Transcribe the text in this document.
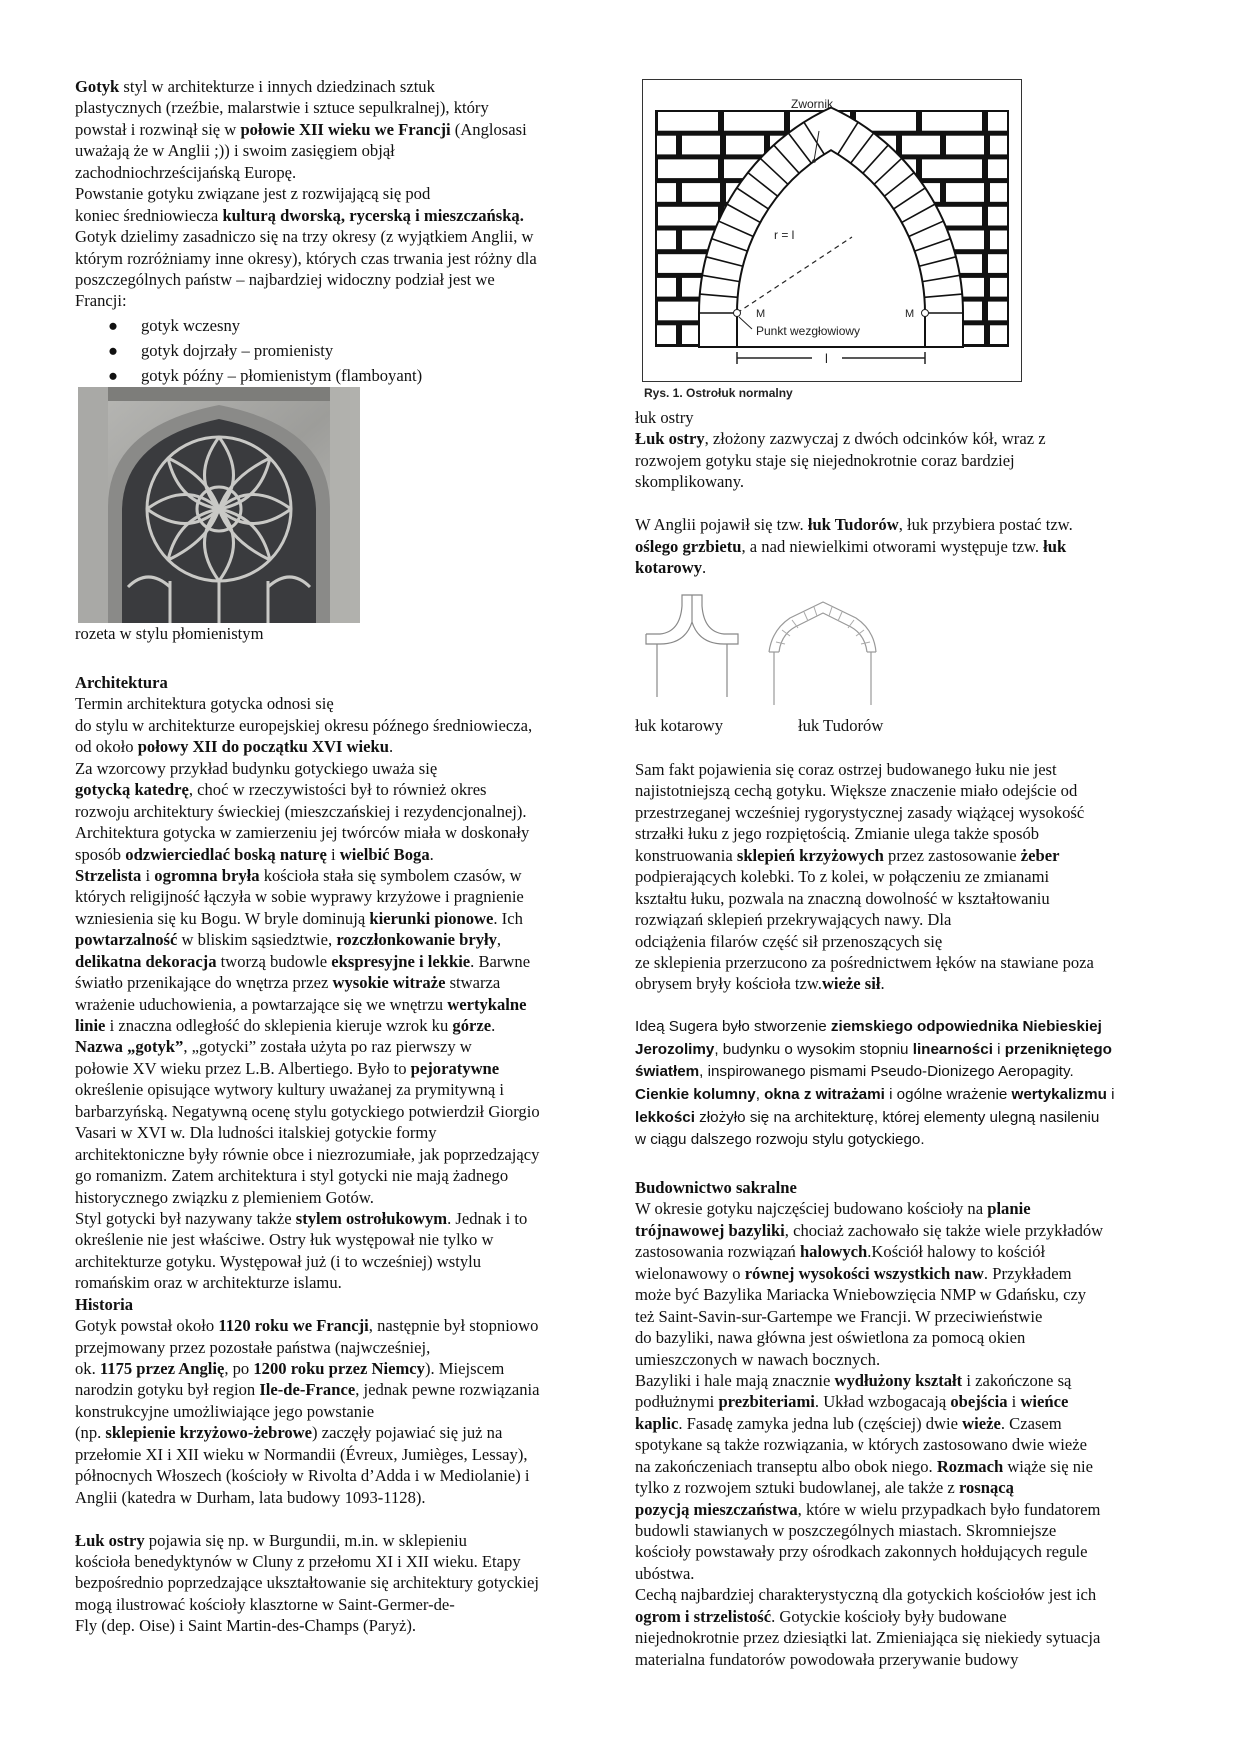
Gotyk styl w architekturze i innych dziedzinach sztuk
plastycznych (rzeźbie, malarstwie i sztuce sepulkralnej), który
powstał i rozwinął się w połowie XII wieku we Francji (Anglosasi
uważają że w Anglii ;)) i swoim zasięgiem objął
zachodniochrześcijańską Europę.
Powstanie gotyku związane jest z rozwijającą się pod
koniec średniowiecza kulturą dworską, rycerską i mieszczańską.
Gotyk dzielimy zasadniczo się na trzy okresy (z wyjątkiem Anglii, w
którym rozróżniamy inne okresy), których czas trwania jest różny dla
poszczególnych państw – najbardziej widoczny podział jest we
Francji:
● gotyk wczesny
● gotyk dojrzały – promienisty
● gotyk późny – płomienistym (flamboyant)
rozeta w stylu płomienistym
Architektura
Termin architektura gotycka odnosi się
do stylu w architekturze europejskiej okresu późnego średniowiecza,
od około połowy XII do początku XVI wieku.
Za wzorcowy przykład budynku gotyckiego uważa się
gotycką katedrę, choć w rzeczywistości był to również okres
rozwoju architektury świeckiej (mieszczańskiej i rezydencjonalnej).
Architektura gotycka w zamierzeniu jej twórców miała w doskonały
sposób odzwierciedlać boską naturę i wielbić Boga.
Strzelista i ogromna bryła kościoła stała się symbolem czasów, w
których religijność łączyła w sobie wyprawy krzyżowe i pragnienie
wzniesienia się ku Bogu. W bryle dominują kierunki pionowe. Ich
powtarzalność w bliskim sąsiedztwie, rozczłonkowanie bryły,
delikatna dekoracja tworzą budowle ekspresyjne i lekkie. Barwne
światło przenikające do wnętrza przez wysokie witraże stwarza
wrażenie uduchowienia, a powtarzające się we wnętrzu wertykalne
linie i znaczna odległość do sklepienia kieruje wzrok ku górze.
Nazwa „gotyk”, „gotycki” została użyta po raz pierwszy w
połowie XV wieku przez L.B. Albertiego. Było to pejoratywne
określenie opisujące wytwory kultury uważanej za prymitywną i
barbarzyńską. Negatywną ocenę stylu gotyckiego potwierdził Giorgio
Vasari w XVI w. Dla ludności italskiej gotyckie formy
architektoniczne były równie obce i niezrozumiałe, jak poprzedzający
go romanizm. Zatem architektura i styl gotycki nie mają żadnego
historycznego związku z plemieniem Gotów.
Styl gotycki był nazywany także stylem ostrołukowym. Jednak i to
określenie nie jest właściwe. Ostry łuk występował nie tylko w
architekturze gotyku. Występował już (i to wcześniej) wstylu
romańskim oraz w architekturze islamu.
Historia
Gotyk powstał około 1120 roku we Francji, następnie był stopniowo
przejmowany przez pozostałe państwa (najwcześniej,
ok. 1175 przez Anglię, po 1200 roku przez Niemcy). Miejscem
narodzin gotyku był region Ile-de-France, jednak pewne rozwiązania
konstrukcyjne umożliwiające jego powstanie
(np. sklepienie krzyżowo-żebrowe) zaczęły pojawiać się już na
przełomie XI i XII wieku w Normandii (Évreux, Jumièges, Lessay),
północnych Włoszech (kościoły w Rivolta d’Adda i w Mediolanie) i
Anglii (katedra w Durham, lata budowy 1093-1128).
Łuk ostry pojawia się np. w Burgundii, m.in. w sklepieniu
kościoła benedyktynów w Cluny z przełomu XI i XII wieku. Etapy
bezpośrednio poprzedzające ukształtowanie się architektury gotyckiej
mogą ilustrować kościoły klasztorne w Saint-Germer-de-
Fly (dep. Oise) i Saint Martin-des-Champs (Paryż).
Zwornik
r = l
M	M
Punkt wezgłowiowy
l
Rys. 1. Ostrołuk normalny
łuk ostry
Łuk ostry, złożony zazwyczaj z dwóch odcinków kół, wraz z
rozwojem gotyku staje się niejednokrotnie coraz bardziej
skomplikowany.
W Anglii pojawił się tzw. łuk Tudorów, łuk przybiera postać tzw.
oślego grzbietu, a nad niewielkimi otworami występuje tzw. łuk
kotarowy.
łuk kotarowy	łuk Tudorów
Sam fakt pojawienia się coraz ostrzej budowanego łuku nie jest
najistotniejszą cechą gotyku. Większe znaczenie miało odejście od
przestrzeganej wcześniej rygorystycznej zasady wiążącej wysokość
strzałki łuku z jego rozpiętością. Zmianie ulega także sposób
konstruowania sklepień krzyżowych przez zastosowanie żeber
podpierających kolebki. To z kolei, w połączeniu ze zmianami
kształtu łuku, pozwala na znaczną dowolność w kształtowaniu
rozwiązań sklepień przekrywających nawy. Dla
odciążenia filarów część sił przenoszących się
ze sklepienia przerzucono za pośrednictwem łęków na stawiane poza
obrysem bryły kościoła tzw.wieże sił.
Ideą Sugera było stworzenie ziemskiego odpowiednika Niebieskiej
Jerozolimy, budynku o wysokim stopniu linearności i przenikniętego
światłem, inspirowanego pismami Pseudo-Dionizego Aeropagity.
Cienkie kolumny, okna z witrażami i ogólne wrażenie wertykalizmu i
lekkości złożyło się na architekturę, której elementy ulegną nasileniu
w ciągu dalszego rozwoju stylu gotyckiego.
Budownictwo sakralne
W okresie gotyku najczęściej budowano kościoły na planie
trójnawowej bazyliki, chociaż zachowało się także wiele przykładów
zastosowania rozwiązań halowych.Kościół halowy to kościół
wielonawowy o równej wysokości wszystkich naw. Przykładem
może być Bazylika Mariacka Wniebowzięcia NMP w Gdańsku, czy
też Saint-Savin-sur-Gartempe we Francji. W przeciwieństwie
do bazyliki, nawa główna jest oświetlona za pomocą okien
umieszczonych w nawach bocznych.
Bazyliki i hale mają znacznie wydłużony kształt i zakończone są
podłużnymi prezbiteriami. Układ wzbogacają obejścia i wieńce
kaplic. Fasadę zamyka jedna lub (częściej) dwie wieże. Czasem
spotykane są także rozwiązania, w których zastosowano dwie wieże
na zakończeniach transeptu albo obok niego. Rozmach wiąże się nie
tylko z rozwojem sztuki budowlanej, ale także z rosnącą
pozycją mieszczaństwa, które w wielu przypadkach było fundatorem
budowli stawianych w poszczególnych miastach. Skromniejsze
kościoły powstawały przy ośrodkach zakonnych hołdujących regule
ubóstwa.
Cechą najbardziej charakterystyczną dla gotyckich kościołów jest ich
ogrom i strzelistość. Gotyckie kościoły były budowane
niejednokrotnie przez dziesiątki lat. Zmieniająca się niekiedy sytuacja
materialna fundatorów powodowała przerywanie budowy
